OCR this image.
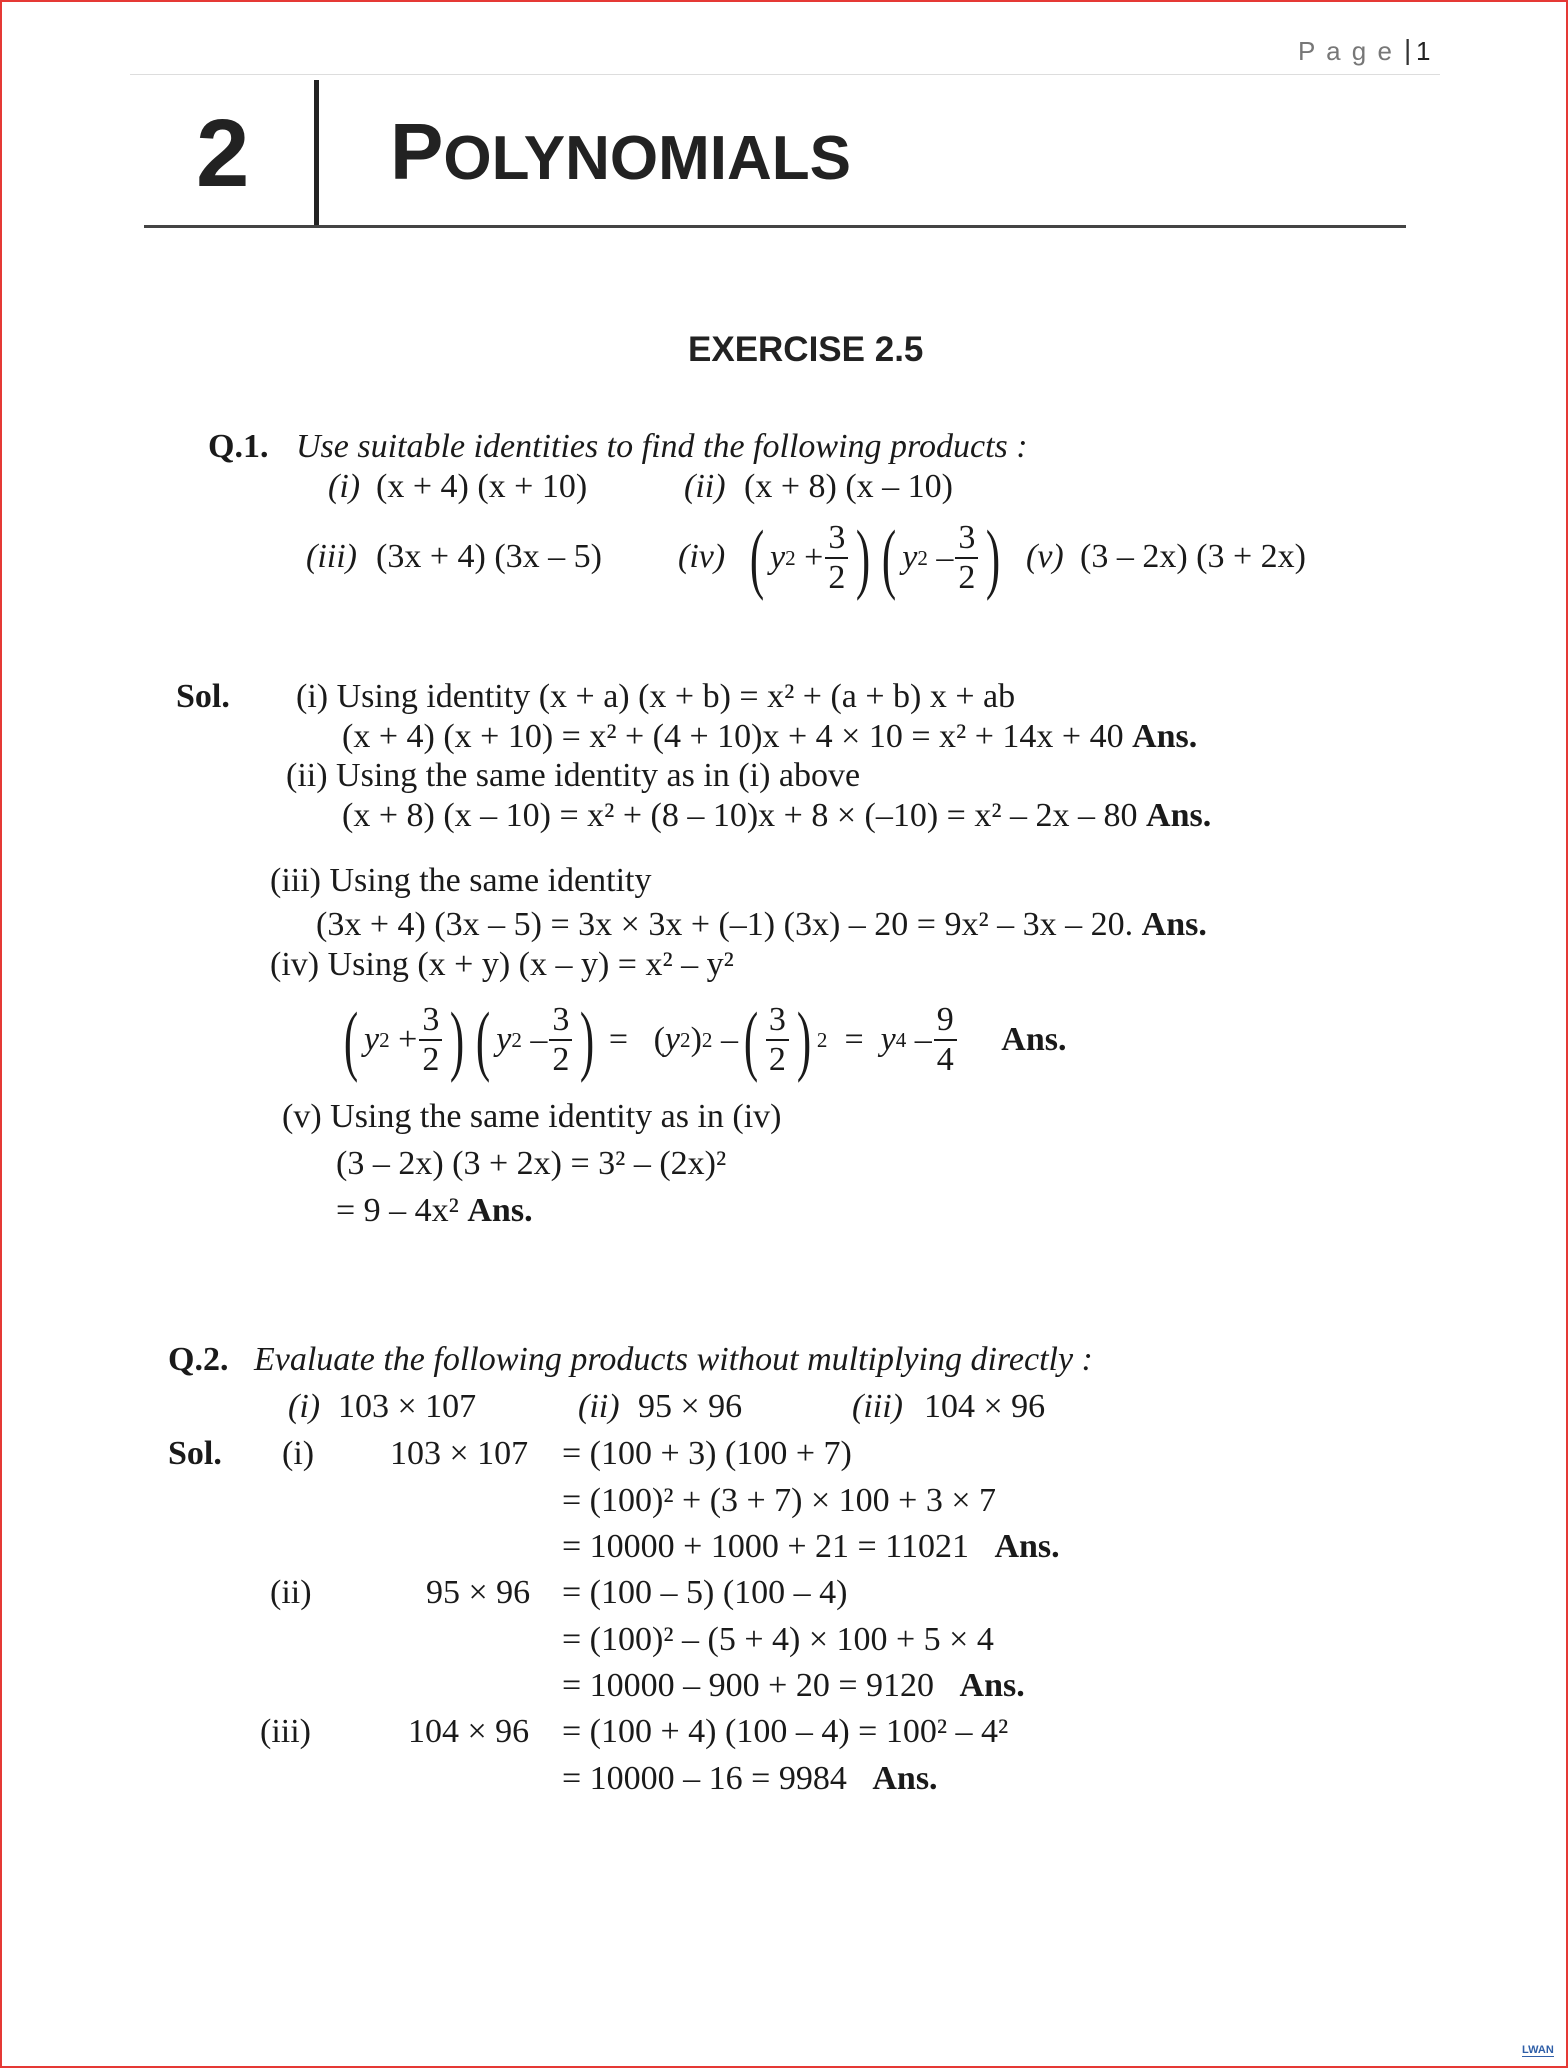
P a g e | 1
2 POLYNOMIALS
EXERCISE 2.5
Q.1. Use suitable identities to find the following products :
(i) (x + 4) (x + 10)	(ii) (x + 8) (x – 10)
(iii) (3x + 4) (3x – 5) (iv) ( y 2
+ $\frac{3}{2}$ ) ( y 2
– $\frac{3}{2}$ ) (v) (3 – 2x) (3 + 2x)
Sol. (i) Using identity (x + a) (x + b) = x² + (a + b) x + ab
(x + 4) (x + 10) = x² + (4 + 10)x + 4 × 10 = x² + 14x + 40 Ans.
(ii) Using the same identity as in (i) above
(x + 8) (x – 10) = x² + (8 – 10)x + 8 × (–10) = x² – 2x – 80 Ans.
(iii) Using the same identity
(3x + 4) (3x – 5) = 3x × 3x + (–1) (3x) – 20 = 9x² – 3x – 20. Ans.
(iv) Using (x + y) (x – y) = x² – y²
( y 2
+ $\frac{3}{2}$ ) ( y 2
– $\frac{3}{2}$ )
= ( y 2 ) 2
– ( $\frac{3}{2}$ ) 2
=
y 4
– $\frac{9}{4}$
Ans.
(v) Using the same identity as in (iv)
(3 – 2x) (3 + 2x) = 3² – (2x)²
= 9 – 4x² Ans.
Q.2. Evaluate the following products without multiplying directly :
(i) 103 × 107	(ii) 95 × 96	(iii) 104 × 96
Sol. (i) 103 × 107 = (100 + 3) (100 + 7)
= (100)² + (3 + 7) × 100 + 3 × 7
= 10000 + 1000 + 21 = 11021 Ans.
(ii)	95 × 96 = (100 – 5) (100 – 4)
= (100)² – (5 + 4) × 100 + 5 × 4
= 10000 – 900 + 20 = 9120 Ans.
(iii)	104 × 96 = (100 + 4) (100 – 4) = 100² – 4²
= 10000 – 16 = 9984 Ans.
LWAN
